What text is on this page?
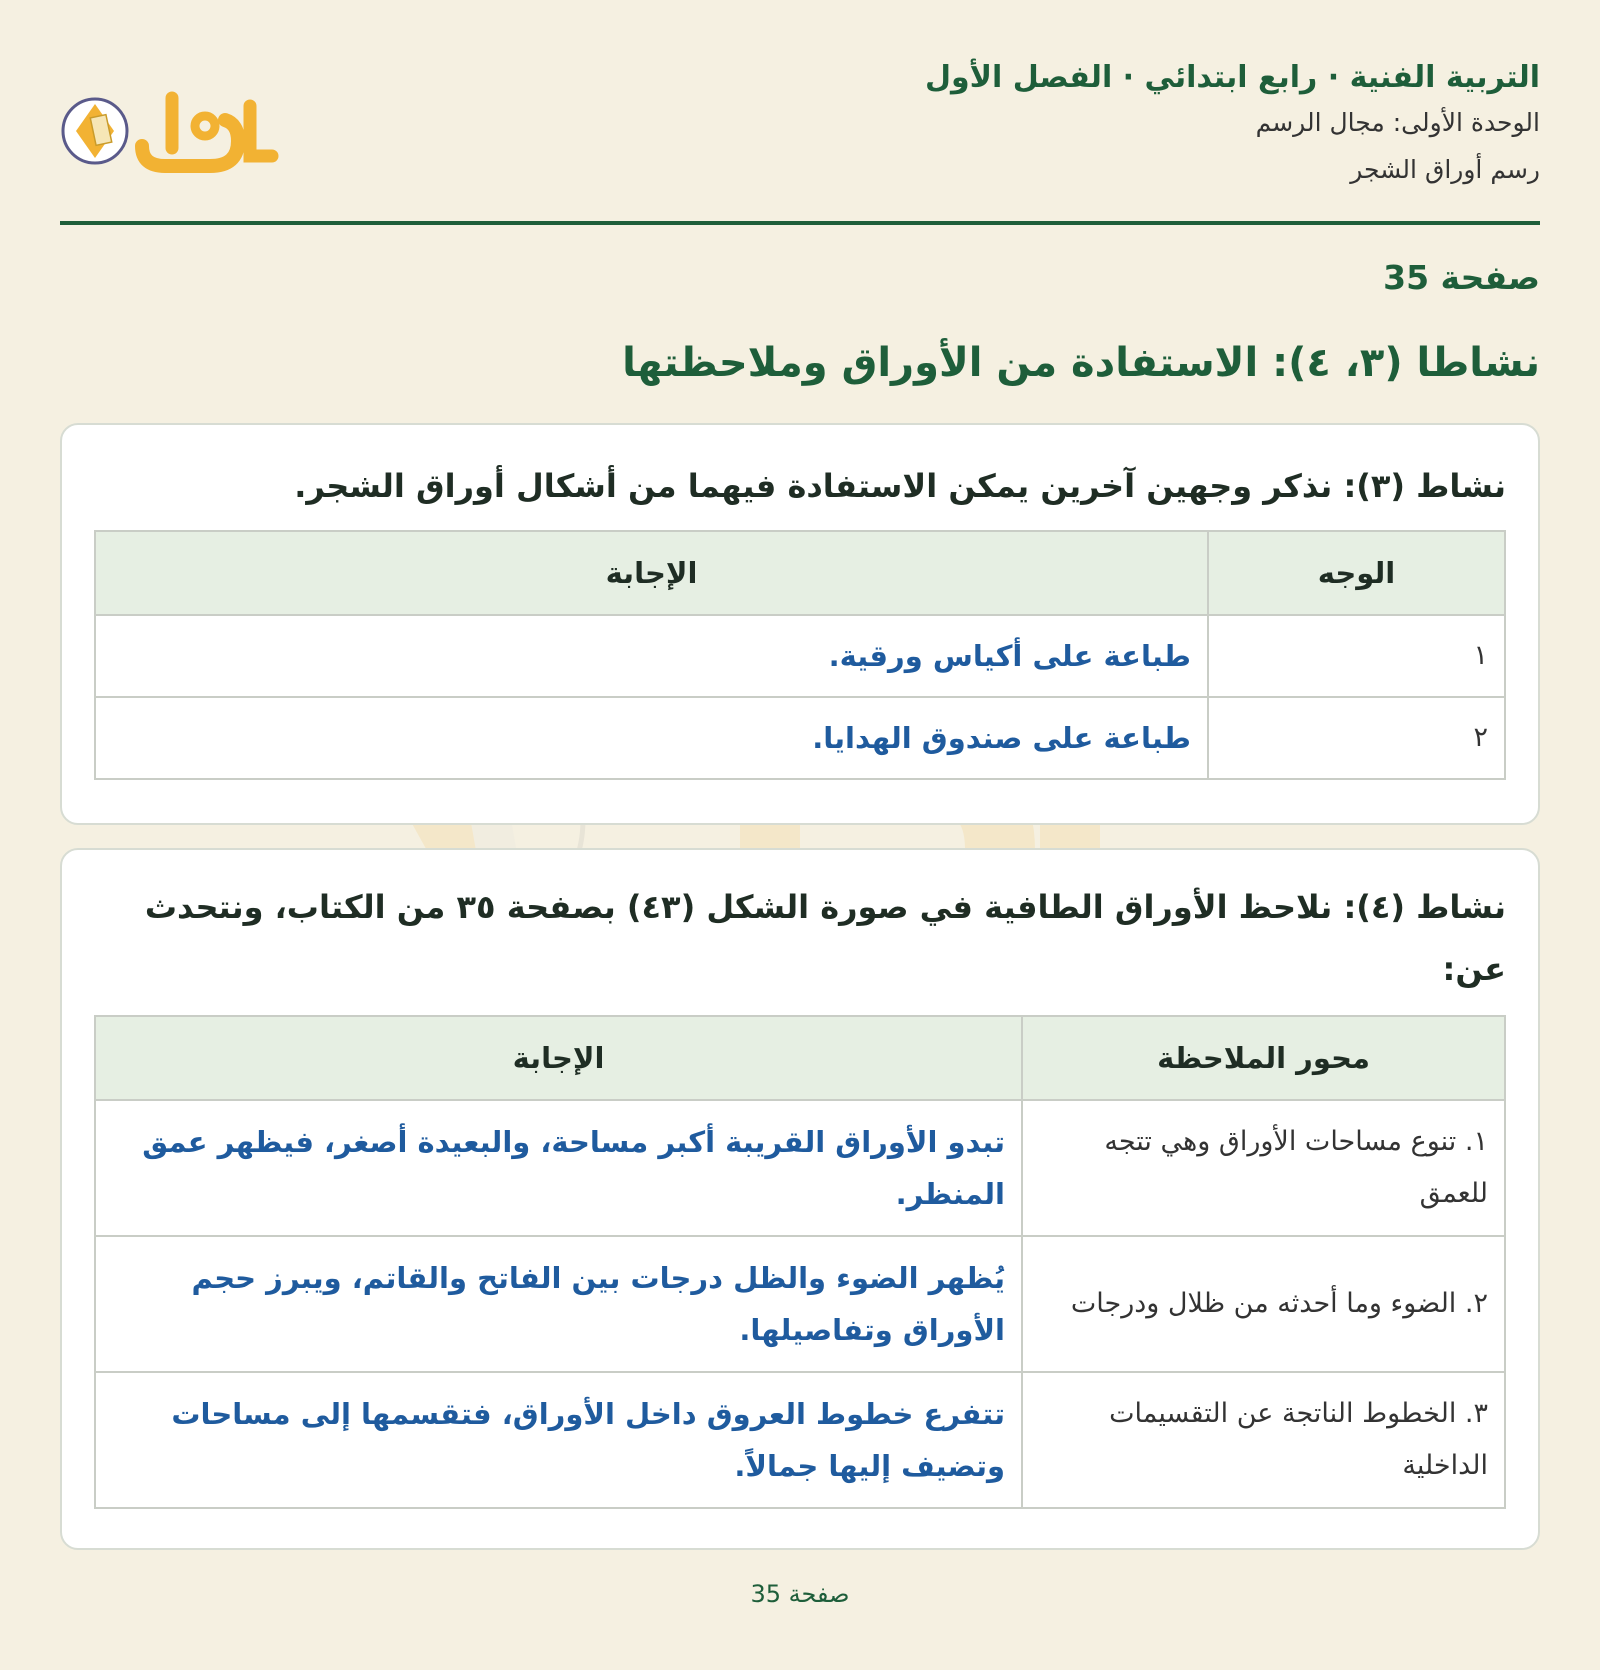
التربية الفنية · رابع ابتدائي · الفصل الأول
الوحدة الأولى: مجال الرسم
رسم أوراق الشجر
صفحة 35
نشاطا (٣، ٤): الاستفادة من الأوراق وملاحظتها
نشاط (٣): نذكر وجهين آخرين يمكن الاستفادة فيهما من أشكال أوراق الشجر.
الوجه	الإجابة
١	طباعة على أكياس ورقية.
٢	طباعة على صندوق الهدايا.
نشاط (٤): نلاحظ الأوراق الطافية في صورة الشكل (٤٣) بصفحة ٣٥ من الكتاب، ونتحدث عن:
محور الملاحظة	الإجابة
١. تنوع مساحات الأوراق وهي تتجه للعمق	تبدو الأوراق القريبة أكبر مساحة، والبعيدة أصغر، فيظهر عمق المنظر.
٢. الضوء وما أحدثه من ظلال ودرجات	يُظهر الضوء والظل درجات بين الفاتح والقاتم، ويبرز حجم الأوراق وتفاصيلها.
٣. الخطوط الناتجة عن التقسيمات الداخلية	تتفرع خطوط العروق داخل الأوراق، فتقسمها إلى مساحات وتضيف إليها جمالاً.
صفحة 35
